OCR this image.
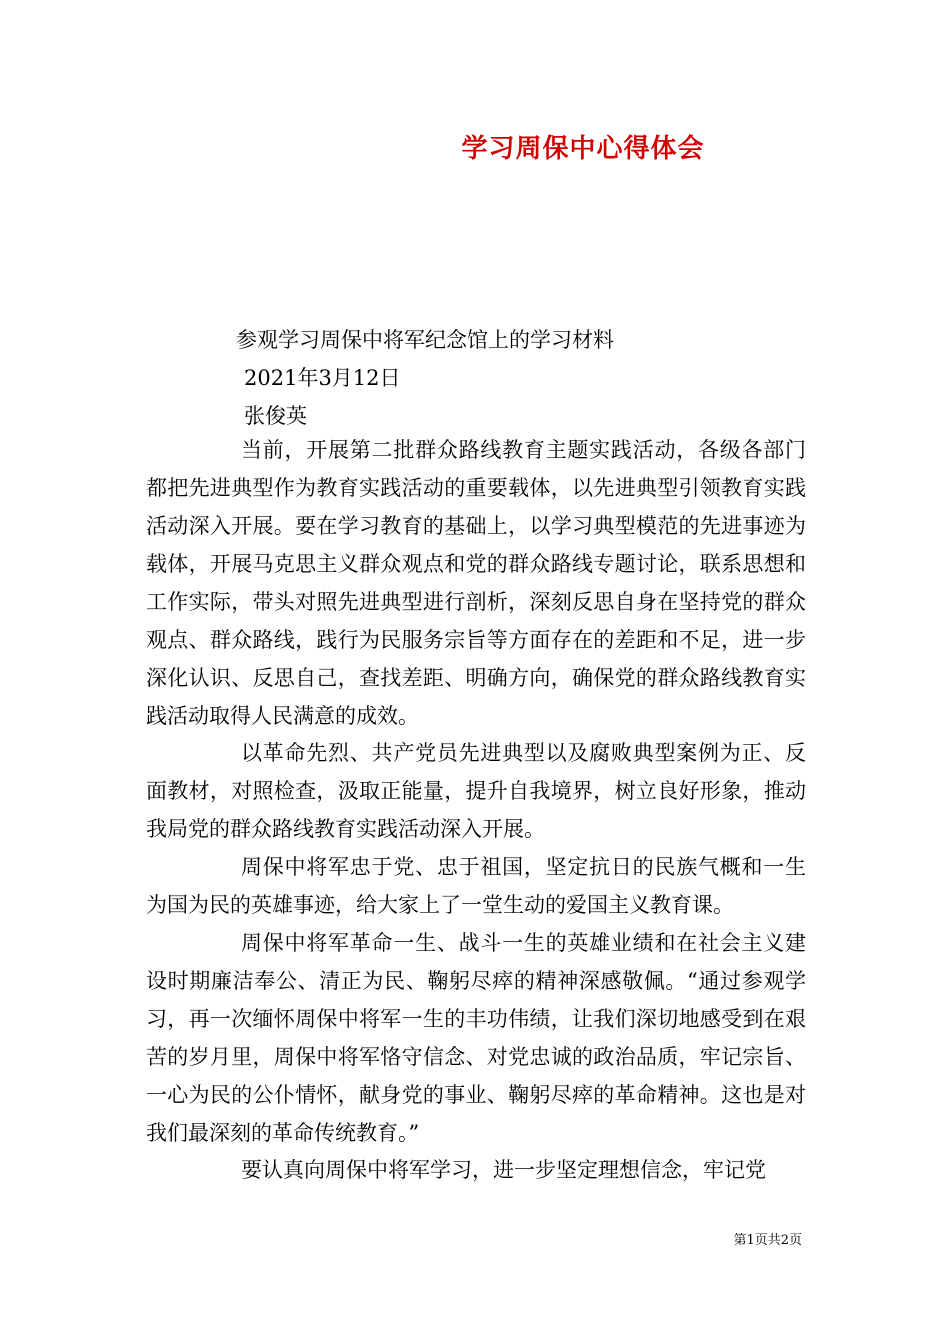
学习周保中心得体会
参观学习周保中将军纪念馆上的学习材料
2021年3月12日
张俊英

当前，开展第二批群众路线教育主题实践活动，各级各部门都把先进典型作为教育实践活动的重要载体，以先进典型引领教育实践活动深入开展。要在学习教育的基础上，以学习典型模范的先进事迹为载体，开展马克思主义群众观点和党的群众路线专题讨论，联系思想和工作实际，带头对照先进典型进行剖析，深刻反思自身在坚持党的群众观点、群众路线，践行为民服务宗旨等方面存在的差距和不足，进一步深化认识、反思自己，查找差距、明确方向，确保党的群众路线教育实践活动取得人民满意的成效。

以革命先烈、共产党员先进典型以及腐败典型案例为正、反面教材，对照检查，汲取正能量，提升自我境界，树立良好形象，推动我局党的群众路线教育实践活动深入开展。

周保中将军忠于党、忠于祖国，坚定抗日的民族气概和一生为国为民的英雄事迹，给大家上了一堂生动的爱国主义教育课。

周保中将军革命一生、战斗一生的英雄业绩和在社会主义建设时期廉洁奉公、清正为民、鞠躬尽瘁的精神深感敬佩。“通过参观学习，再一次缅怀周保中将军一生的丰功伟绩，让我们深切地感受到在艰苦的岁月里，周保中将军恪守信念、对党忠诚的政治品质，牢记宗旨、一心为民的公仆情怀，献身党的事业、鞠躬尽瘁的革命精神。这也是对我们最深刻的革命传统教育。”

要认真向周保中将军学习，进一步坚定理想信念，牢记党

第1页共2页
